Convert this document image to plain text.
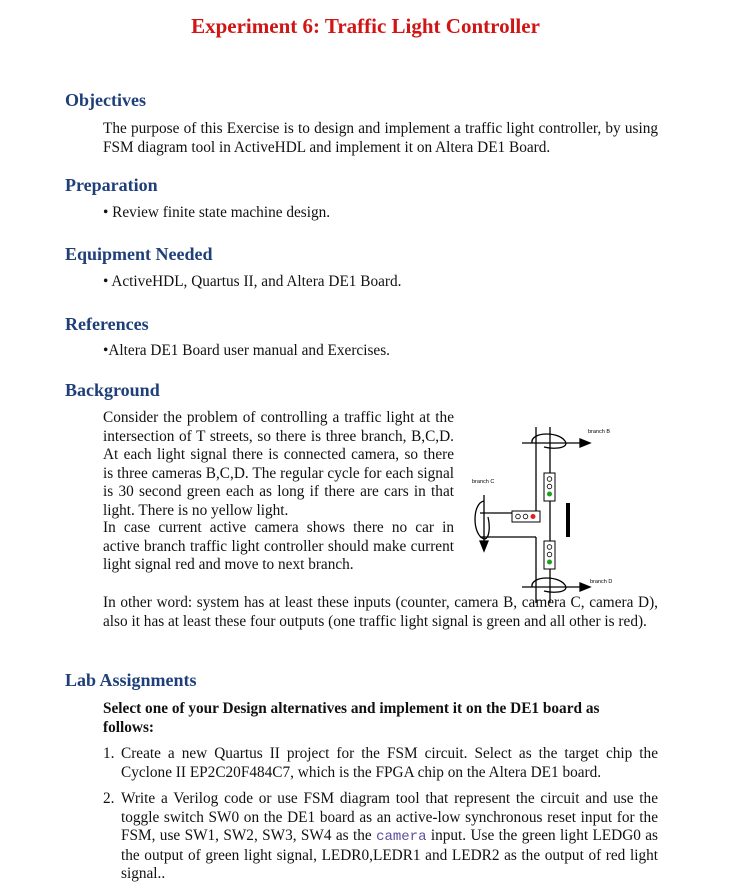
Experiment 6: Traffic Light Controller
Objectives
The purpose of this Exercise is to design and implement a traffic light controller, by using FSM diagram tool in ActiveHDL and implement it on Altera DE1 Board.
Preparation
• Review finite state machine design.
Equipment Needed
• ActiveHDL, Quartus II, and Altera DE1 Board.
References
•Altera DE1 Board user manual and Exercises.
Background
Consider the problem of controlling a traffic light at the intersection of T streets, so there is three branch, B,C,D. At each light signal there is connected camera, so there is three cameras B,C,D. The regular cycle for each signal is 30 second green each as long if there are cars in that light. There is no yellow light.
In case current active camera shows there no car in active branch traffic light controller should make current light signal red and move to next branch.
In other word: system has at least these inputs (counter, camera B, camera C, camera D), also it has at least these four outputs (one traffic light signal is green and all other is red).
branch B
branch D
branch C
Lab Assignments
Select one of your Design alternatives and implement it on the DE1 board as follows:
1. Create a new Quartus II project for the FSM circuit. Select as the target chip the Cyclone II EP2C20F484C7, which is the FPGA chip on the Altera DE1 board.
2. Write a Verilog code or use FSM diagram tool that represent the circuit and use the toggle switch SW0 on the DE1 board as an active-low synchronous reset input for the FSM, use SW1, SW2, SW3, SW4 as the camera input. Use the green light LEDG0 as the output of green light signal, LEDR0,LEDR1 and LEDR2 as the output of red light signal..
